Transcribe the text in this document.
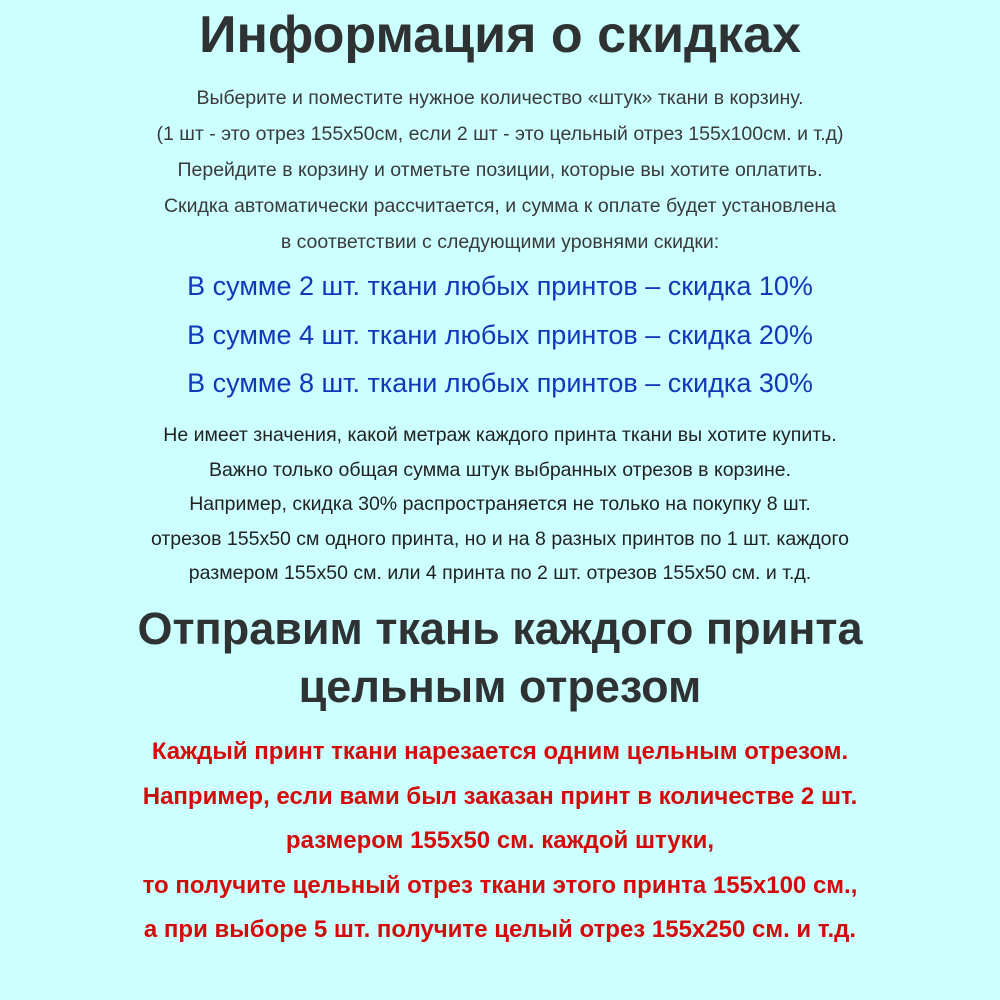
Информация о скидках
Выберите и поместите нужное количество «штук» ткани в корзину.
(1 шт - это отрез 155х50см, если 2 шт - это цельный отрез 155х100см. и т.д)
Перейдите в корзину и отметьте позиции, которые вы хотите оплатить.
Скидка автоматически рассчитается, и сумма к оплате будет установлена
в соответствии с следующими уровнями скидки:
В сумме 2 шт. ткани любых принтов – скидка 10%
В сумме 4 шт. ткани любых принтов – скидка 20%
В сумме 8 шт. ткани любых принтов – скидка 30%
Не имеет значения, какой метраж каждого принта ткани вы хотите купить.
Важно только общая сумма штук выбранных отрезов в корзине.
Например, скидка 30% распространяется не только на покупку 8 шт.
отрезов 155х50 см одного принта, но и на 8 разных принтов по 1 шт. каждого
размером 155х50 см. или 4 принта по 2 шт. отрезов 155х50 см. и т.д.
Отправим ткань каждого принта
цельным отрезом
Каждый принт ткани нарезается одним цельным отрезом.
Например, если вами был заказан принт в количестве 2 шт.
размером 155х50 см. каждой штуки,
то получите цельный отрез ткани этого принта 155х100 см.,
а при выборе 5 шт. получите целый отрез 155х250 см. и т.д.
